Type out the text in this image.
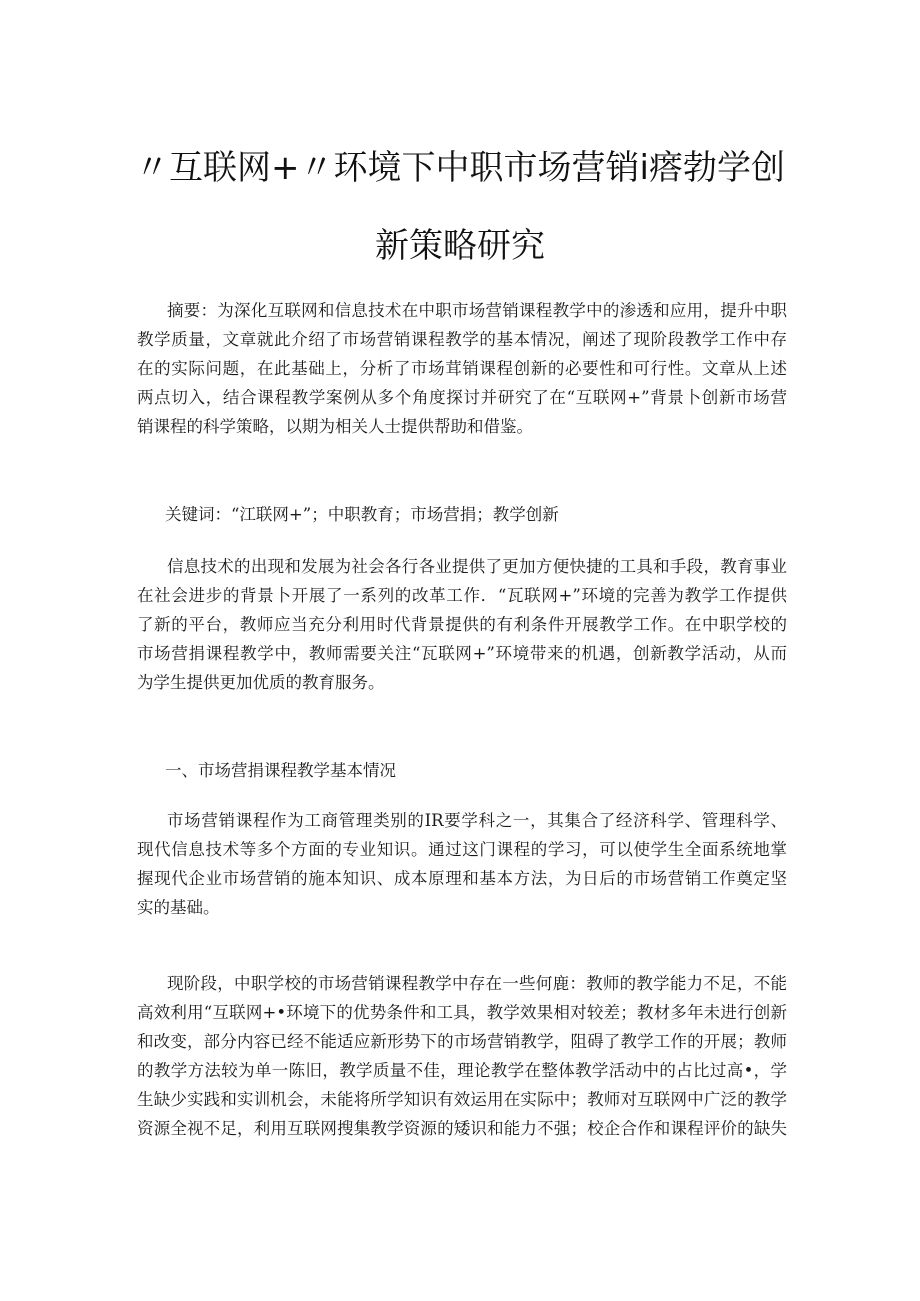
〃互联网+〃环境下中职市场营销i瘩勃学创
新策略研究
摘要：为深化互联网和信息技术在中职市场营销课程教学中的渗透和应用，提升中职
教学质量，文章就此介绍了市场营销课程教学的基本情况，阐述了现阶段教学工作中存
在的实际问题，在此基础上，分析了市场茸销课程创新的必要性和可行性。文章从上述
两点切入，结合课程教学案例从多个角度探讨并研究了在“互联网+”背景卜创新市场营
销课程的科学策略，以期为相关人士提供帮助和借鉴。
关键词：“江联网+”；中职教育；市场营捐；教学创新
信息技术的出现和发展为社会各行各业提供了更加方便快捷的工具和手段，教育事业
在社会进步的背景卜开展了一系列的改革工作．“瓦联网+”环境的完善为教学工作提供
了新的平台，教师应当充分利用时代背景提供的有利条件开展教学工作。在中职学校的
市场营捐课程教学中，教师需要关注“瓦联网+”环境带来的机遇，创新教学活动，从而
为学生提供更加优质的教育服务。
一、市场营捐课程教学基本情况
市场营销课程作为工商管理类别的IR要学科之一，其集合了经济科学、管理科学、
现代信息技术等多个方面的专业知识。通过这门课程的学习，可以使学生全面系统地掌
握现代企业市场营销的施本知识、成本原理和基本方法，为日后的市场营销工作奠定坚
实的基础。
现阶段，中职学校的市场营销课程教学中存在一些何鹿：教师的教学能力不足，不能
高效利用“互联网+•环境下的优势条件和工具，教学效果相对较差；教材多年未进行创新
和改变，部分内容已经不能适应新形势下的市场营销教学，阻碍了教学工作的开展；教师
的教学方法较为单一陈旧，教学质量不佳，理论教学在整体教学活动中的占比过高•，学
生缺少实践和实训机会，未能将所学知识有效运用在实际中；教师对互联网中广泛的教学
资源全视不足，利用互联网搜集教学资源的矮识和能力不强；校企合作和课程评价的缺失
